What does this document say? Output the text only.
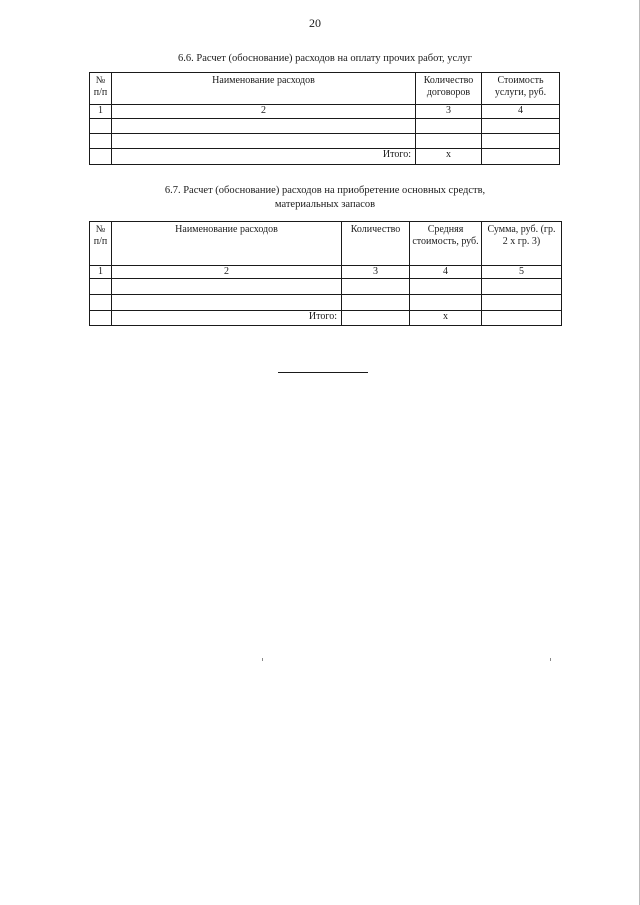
20
6.6. Расчет (обоснование) расходов на оплату прочих работ, услуг
№ п/п	Наименование расходов	Количество договоров	Стоимость услуги, руб.
1	2	3	4

	Итого:	х	
6.7. Расчет (обоснование) расходов на приобретение основных средств,
материальных запасов
№ п/п	Наименование расходов	Количество	Средняя стоимость, руб.	Сумма, руб. (гр. 2 х гр. 3)
1	2	3	4	5

	Итого:		х	
